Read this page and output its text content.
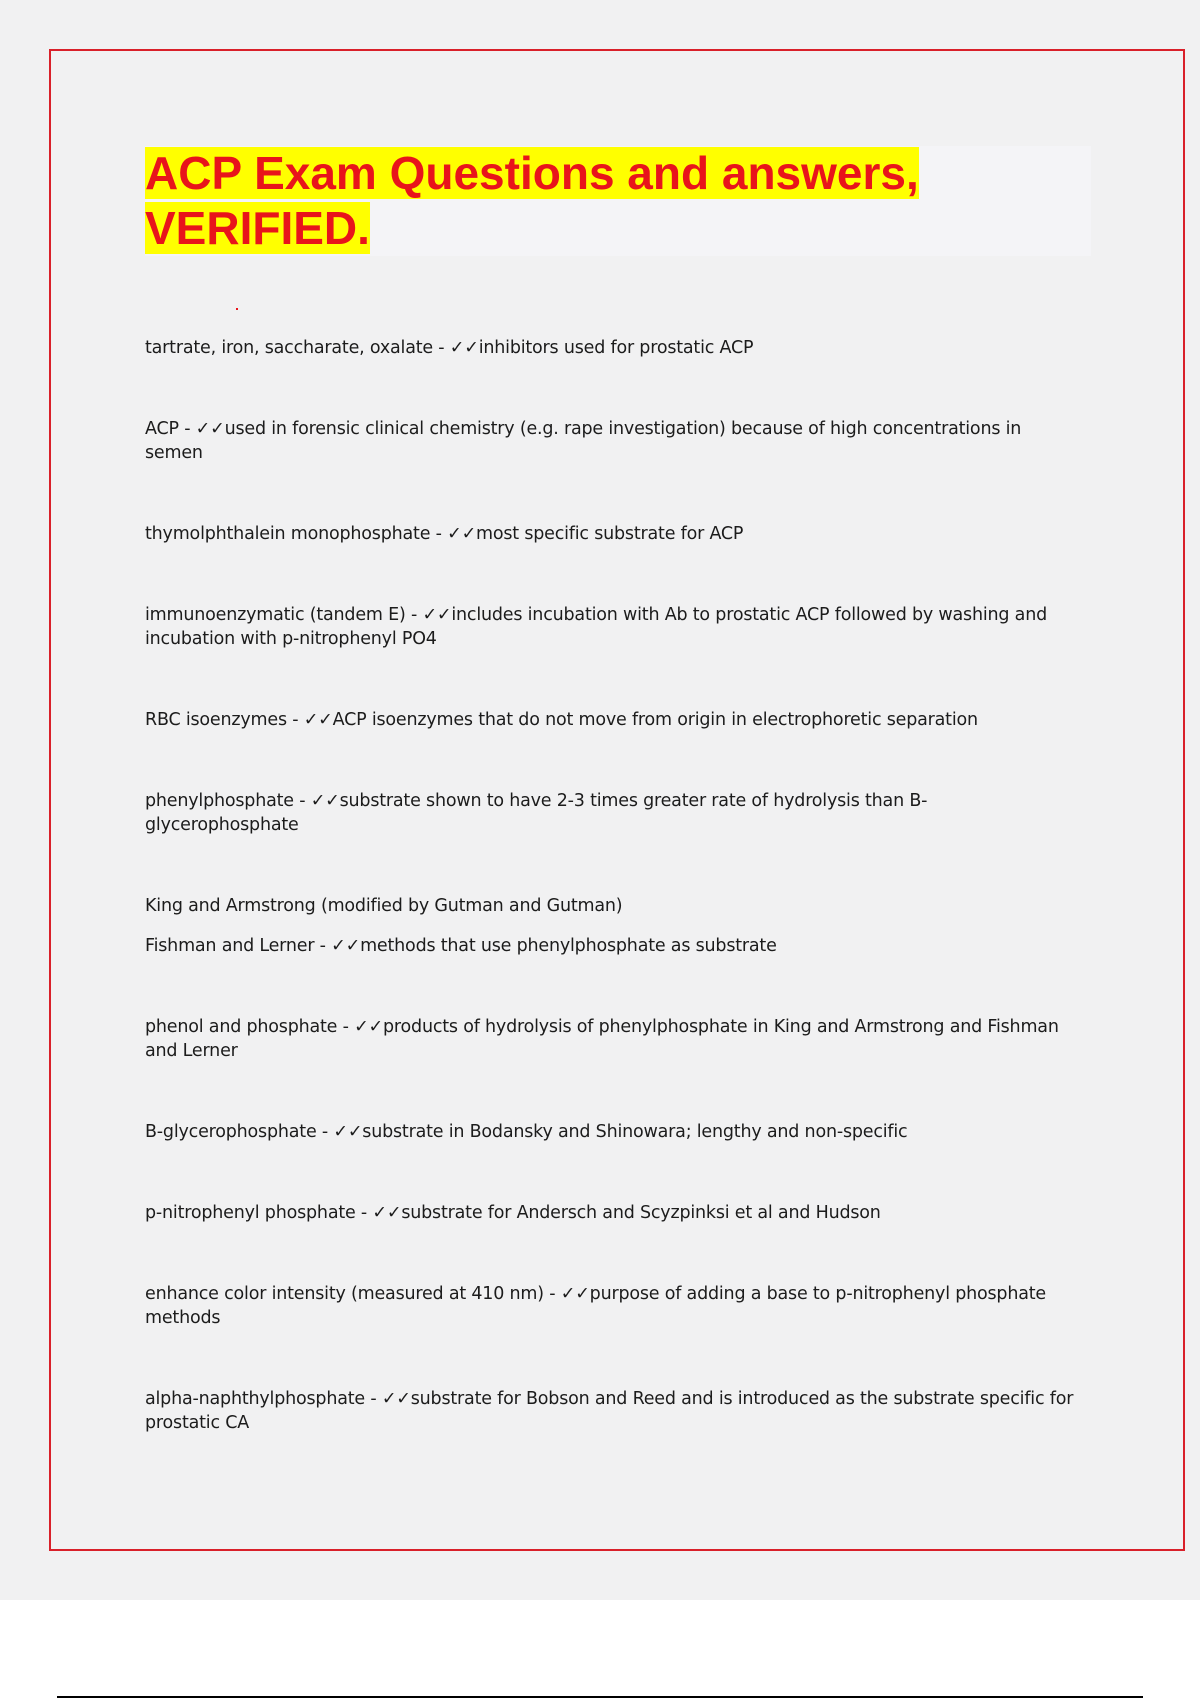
ACP Exam Questions and answers,
VERIFIED.

tartrate, iron, saccharate, oxalate - ✓✓inhibitors used for prostatic ACP

ACP - ✓✓used in forensic clinical chemistry (e.g. rape investigation) because of high concentrations in semen

thymolphthalein monophosphate - ✓✓most specific substrate for ACP

immunoenzymatic (tandem E) - ✓✓includes incubation with Ab to prostatic ACP followed by washing and incubation with p-nitrophenyl PO4

RBC isoenzymes - ✓✓ACP isoenzymes that do not move from origin in electrophoretic separation

phenylphosphate - ✓✓substrate shown to have 2-3 times greater rate of hydrolysis than B-glycerophosphate

King and Armstrong (modified by Gutman and Gutman)

Fishman and Lerner - ✓✓methods that use phenylphosphate as substrate

phenol and phosphate - ✓✓products of hydrolysis of phenylphosphate in King and Armstrong and Fishman and Lerner

B-glycerophosphate - ✓✓substrate in Bodansky and Shinowara; lengthy and non-specific

p-nitrophenyl phosphate - ✓✓substrate for Andersch and Scyzpinksi et al and Hudson

enhance color intensity (measured at 410 nm) - ✓✓purpose of adding a base to p-nitrophenyl phosphate methods

alpha-naphthylphosphate - ✓✓substrate for Bobson and Reed and is introduced as the substrate specific for prostatic CA
